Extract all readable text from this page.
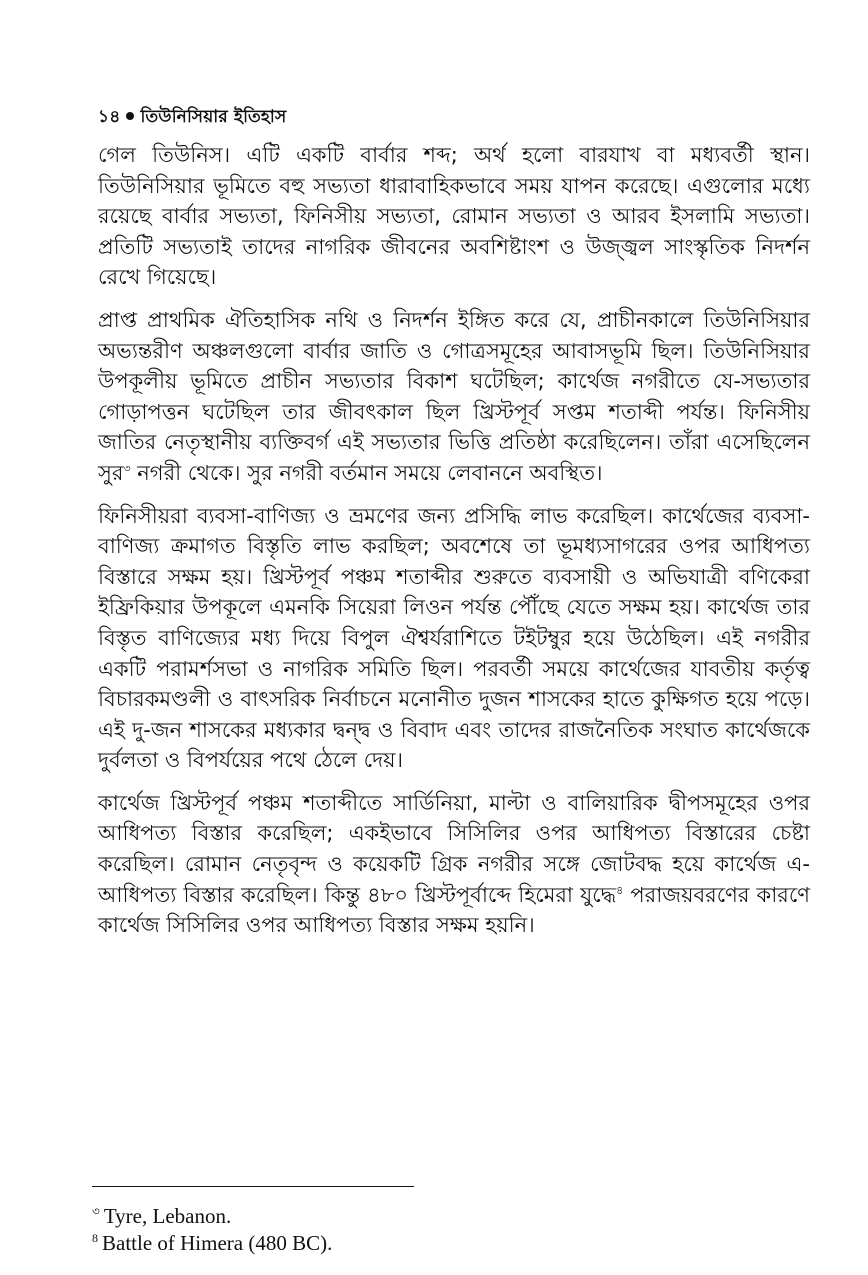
১৪ তিউনিসিয়ার ইতিহাস

গেল তিউনিস। এটি একটি বার্বার শব্দ; অর্থ হলো বারযাখ বা মধ্যবর্তী স্থান। তিউনিসিয়ার ভূমিতে বহু সভ্যতা ধারাবাহিকভাবে সময় যাপন করেছে। এগুলোর মধ্যে রয়েছে বার্বার সভ্যতা, ফিনিসীয় সভ্যতা, রোমান সভ্যতা ও আরব ইসলামি সভ্যতা। প্রতিটি সভ্যতাই তাদের নাগরিক জীবনের অবশিষ্টাংশ ও উজ্জ্বল সাংস্কৃতিক নিদর্শন রেখে গিয়েছে।

প্রাপ্ত প্রাথমিক ঐতিহাসিক নথি ও নিদর্শন ইঙ্গিত করে যে, প্রাচীনকালে তিউনিসিয়ার অভ্যন্তরীণ অঞ্চলগুলো বার্বার জাতি ও গোত্রসমূহের আবাসভূমি ছিল। তিউনিসিয়ার উপকূলীয় ভূমিতে প্রাচীন সভ্যতার বিকাশ ঘটেছিল; কার্থেজ নগরীতে যে-সভ্যতার গোড়াপত্তন ঘটেছিল তার জীবৎকাল ছিল খ্রিস্টপূর্ব সপ্তম শতাব্দী পর্যন্ত। ফিনিসীয় জাতির নেতৃস্থানীয় ব্যক্তিবর্গ এই সভ্যতার ভিত্তি প্রতিষ্ঠা করেছিলেন। তাঁরা এসেছিলেন সুর$^৩$ নগরী থেকে। সুর নগরী বর্তমান সময়ে লেবাননে অবস্থিত।

ফিনিসীয়রা ব্যবসা-বাণিজ্য ও ভ্রমণের জন্য প্রসিদ্ধি লাভ করেছিল। কার্থেজের ব্যবসা-বাণিজ্য ক্রমাগত বিস্তৃতি লাভ করছিল; অবশেষে তা ভূমধ্যসাগরের ওপর আধিপত্য বিস্তারে সক্ষম হয়। খ্রিস্টপূর্ব পঞ্চম শতাব্দীর শুরুতে ব্যবসায়ী ও অভিযাত্রী বণিকেরা ইফ্রিকিয়ার উপকূলে এমনকি সিয়েরা লিওন পর্যন্ত পৌঁছে যেতে সক্ষম হয়। কার্থেজ তার বিস্তৃত বাণিজ্যের মধ্য দিয়ে বিপুল ঐশ্বর্যরাশিতে টইটম্বুর হয়ে উঠেছিল। এই নগরীর একটি পরামর্শসভা ও নাগরিক সমিতি ছিল। পরবর্তী সময়ে কার্থেজের যাবতীয় কর্তৃত্ব বিচারকমণ্ডলী ও বাৎসরিক নির্বাচনে মনোনীত দুজন শাসকের হাতে কুক্ষিগত হয়ে পড়ে। এই দু-জন শাসকের মধ্যকার দ্বন্দ্ব ও বিবাদ এবং তাদের রাজনৈতিক সংঘাত কার্থেজকে দুর্বলতা ও বিপর্যয়ের পথে ঠেলে দেয়।

কার্থেজ খ্রিস্টপূর্ব পঞ্চম শতাব্দীতে সার্ডিনিয়া, মাল্টা ও বালিয়ারিক দ্বীপসমূহের ওপর আধিপত্য বিস্তার করেছিল; একইভাবে সিসিলির ওপর আধিপত্য বিস্তারের চেষ্টা করেছিল। রোমান নেতৃবৃন্দ ও কয়েকটি গ্রিক নগরীর সঙ্গে জোটবদ্ধ হয়ে কার্থেজ এ-আধিপত্য বিস্তার করেছিল। কিন্তু ৪৮০ খ্রিস্টপূর্বাব্দে হিমেরা যুদ্ধে$^৪$ পরাজয়বরণের কারণে কার্থেজ সিসিলির ওপর আধিপত্য বিস্তার সক্ষম হয়নি।

$^৩$ Tyre, Lebanon.
$^8$ Battle of Himera (480 BC).
